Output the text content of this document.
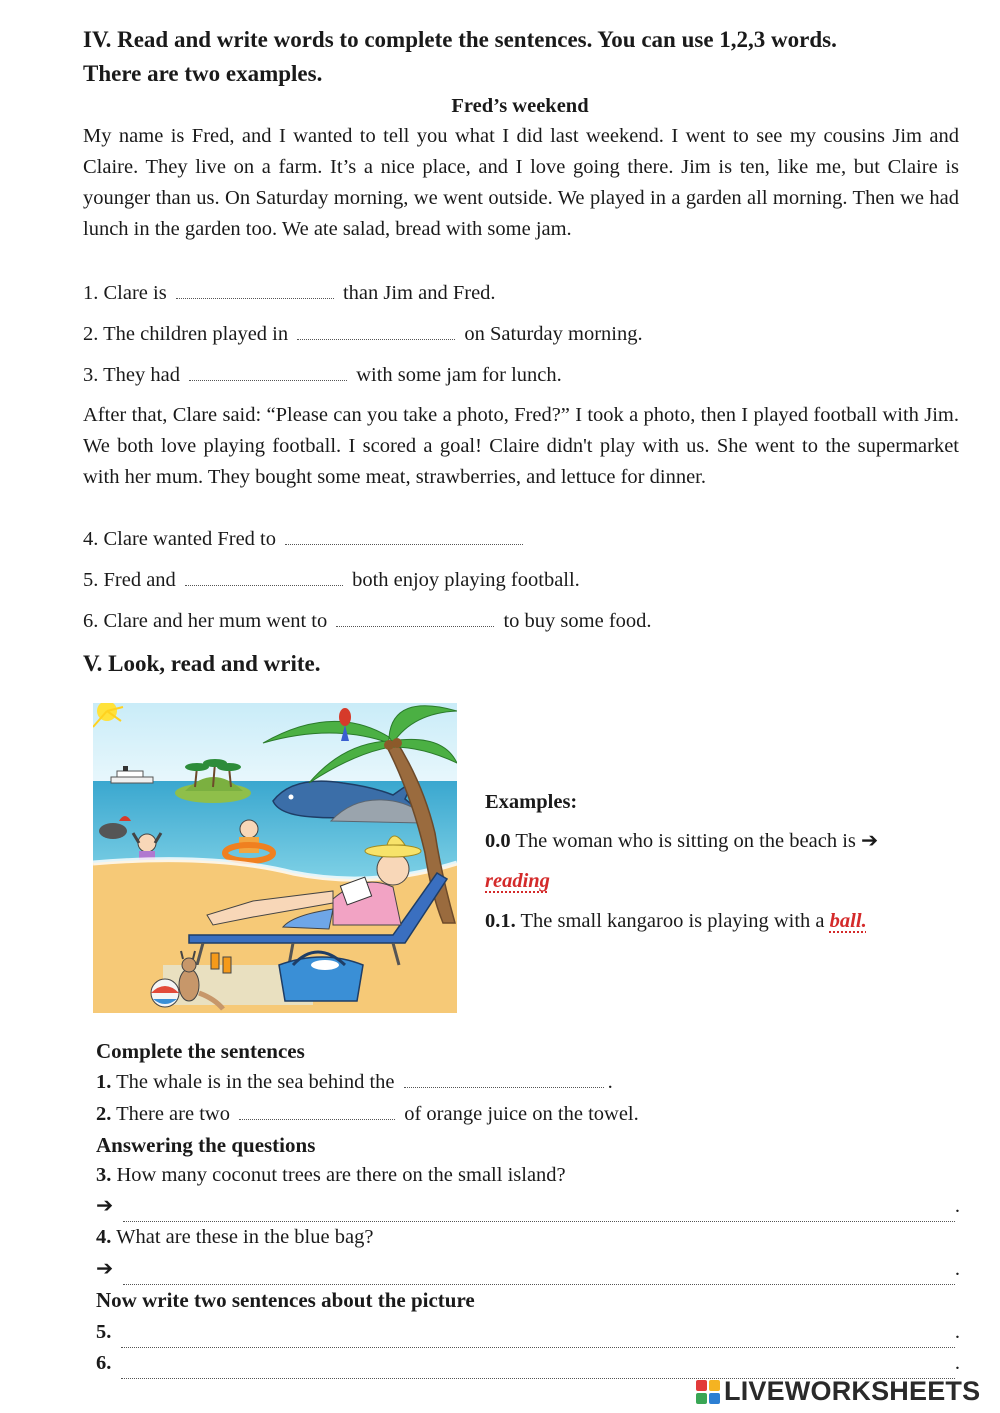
IV. Read and write words to complete the sentences. You can use 1,2,3 words.
There are two examples.
Fred’s weekend
My name is Fred, and I wanted to tell you what I did last weekend. I went to see my cousins Jim and Claire. They live on a farm. It’s a nice place, and I love going there. Jim is ten, like me, but Claire is younger than us. On Saturday morning, we went outside. We played in a garden all morning. Then we had lunch in the garden too. We ate salad, bread with some jam.
1. Clare is	than Jim and Fred.
2. The children played in	on Saturday morning.
3. They had	with some jam for lunch.
After that, Clare said: “Please can you take a photo, Fred?” I took a photo, then I played football with Jim. We both love playing football. I scored a goal! Claire didn't play with us. She went to the supermarket with her mum. They bought some meat, strawberries, and lettuce for dinner.
4. Clare wanted Fred to
5. Fred and	both enjoy playing football.
6. Clare and her mum went to	to buy some food.
V. Look, read and write.
Examples:
0.0 The woman who is sitting on the beach is ➔
reading
0.1. The small kangaroo is playing with a ball.
Complete the sentences
1. The whale is in the sea behind the	.
2. There are two	of orange juice on the towel.
Answering the questions
3. How many coconut trees are there on the small island?
➔	.
4. What are these in the blue bag?
➔	.
Now write two sentences about the picture
5.	.
6.	.
LIVEWORKSHEETS
